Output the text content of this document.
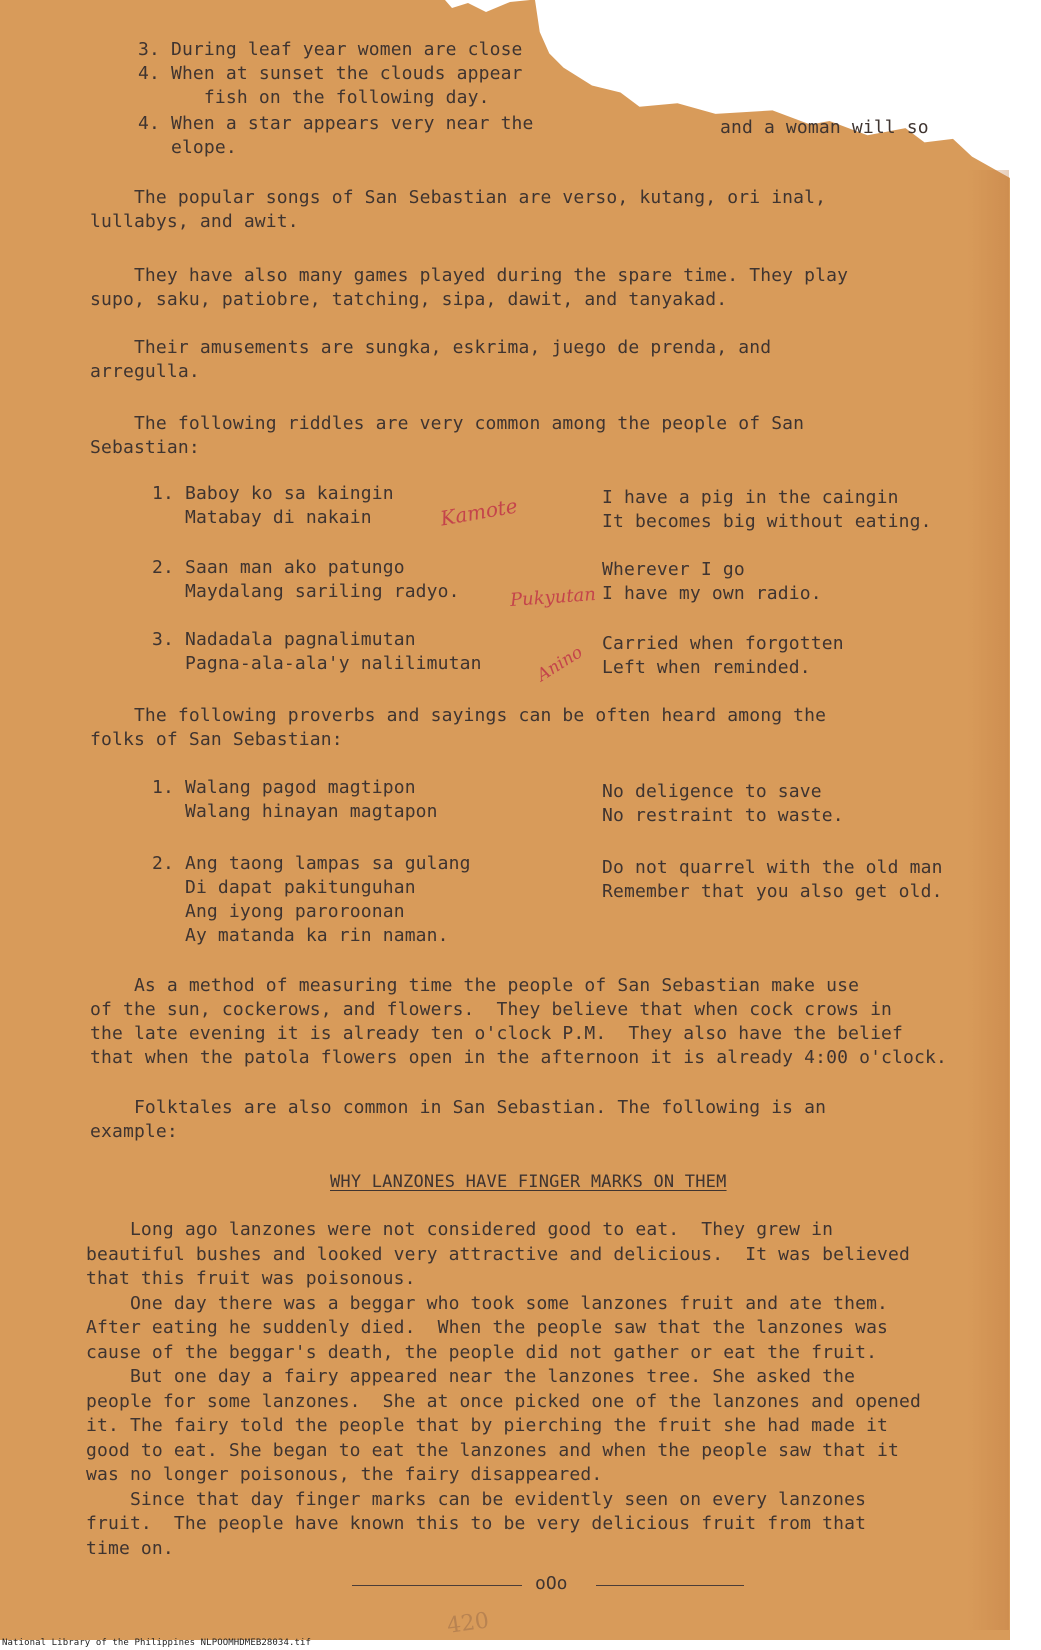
3. During leaf year women are close
4. When at sunset the clouds appear
fish on the following day.
4. When a star appears very near the
elope.
and a woman will so
The popular songs of San Sebastian are verso, kutang, ori inal,
lullabys, and awit.
They have also many games played during the spare time. They play
supo, saku, patiobre, tatching, sipa, dawit, and tanyakad.
Their amusements are sungka, eskrima, juego de prenda, and
arregulla.
The following riddles are very common among the people of San
Sebastian:
1. Baboy ko sa kaingin
Matabay di nakain
I have a pig in the caingin
It becomes big without eating.
Kamote
2. Saan man ako patungo
Maydalang sariling radyo.
Wherever I go
I have my own radio.
Pukyutan
3. Nadadala pagnalimutan
Pagna-ala-ala'y nalilimutan
Carried when forgotten
Left when reminded.
Anino
The following proverbs and sayings can be often heard among the
folks of San Sebastian:
1. Walang pagod magtipon
Walang hinayan magtapon
No deligence to save
No restraint to waste.
2. Ang taong lampas sa gulang
Di dapat pakitunguhan
Ang iyong paroroonan
Ay matanda ka rin naman.
Do not quarrel with the old man
Remember that you also get old.
As a method of measuring time the people of San Sebastian make use
of the sun, cockerows, and flowers.  They believe that when cock crows in
the late evening it is already ten o'clock P.M.  They also have the belief
that when the patola flowers open in the afternoon it is already 4:00 o'clock.
Folktales are also common in San Sebastian. The following is an
example:
WHY LANZONES HAVE FINGER MARKS ON THEM
Long ago lanzones were not considered good to eat.  They grew in
beautiful bushes and looked very attractive and delicious.  It was believed
that this fruit was poisonous.
One day there was a beggar who took some lanzones fruit and ate them.
After eating he suddenly died.  When the people saw that the lanzones was
cause of the beggar's death, the people did not gather or eat the fruit.
But one day a fairy appeared near the lanzones tree. She asked the
people for some lanzones.  She at once picked one of the lanzones and opened
it. The fairy told the people that by pierching the fruit she had made it
good to eat. She began to eat the lanzones and when the people saw that it
was no longer poisonous, the fairy disappeared.
Since that day finger marks can be evidently seen on every lanzones
fruit.  The people have known this to be very delicious fruit from that
time on.
oOo
420
National Library of the Philippines NLPOOMHDMEB28034.tif
